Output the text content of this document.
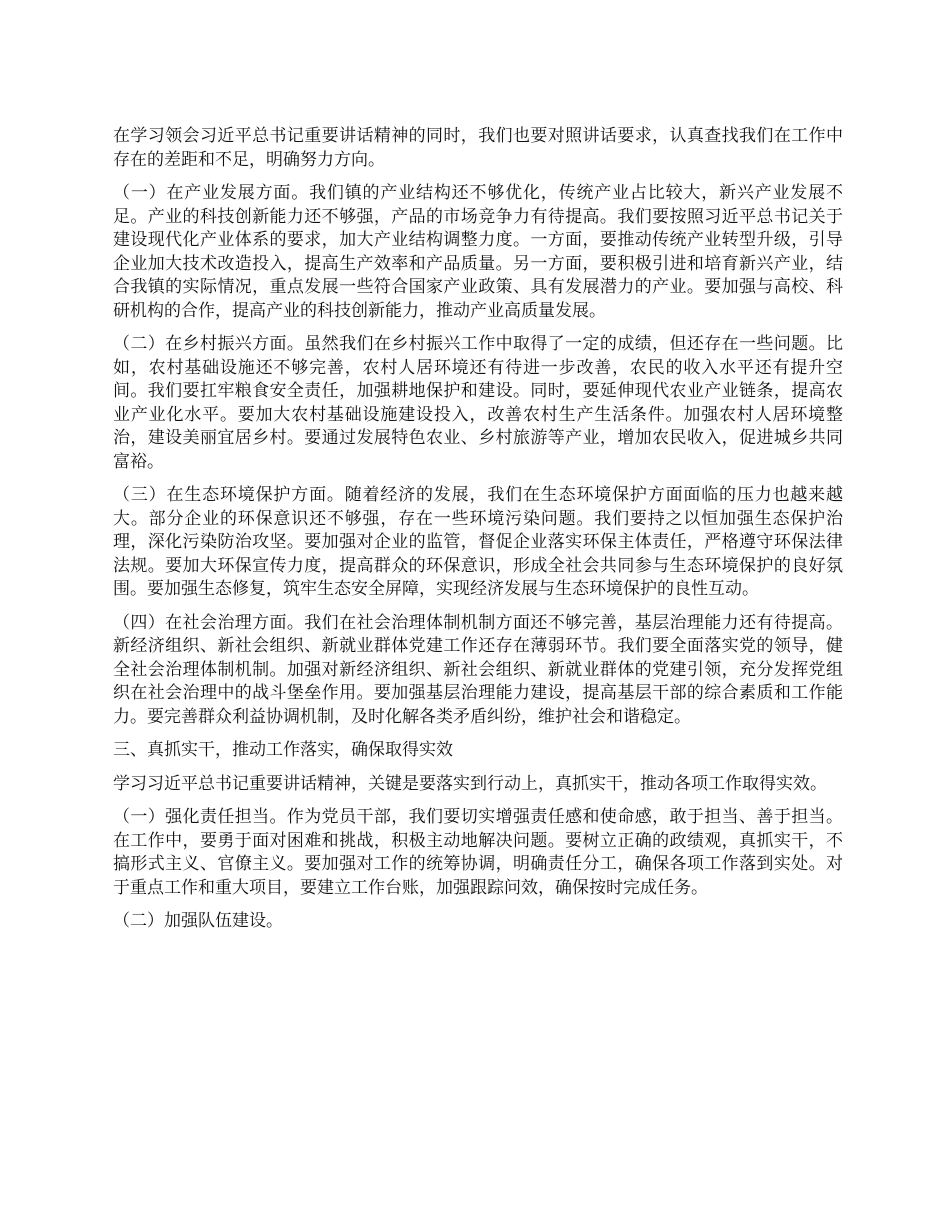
在学习领会习近平总书记重要讲话精神的同时，我们也要对照讲话要求，认真查找我们在工作中存在的差距和不足，明确努力方向。

（一）在产业发展方面。我们镇的产业结构还不够优化，传统产业占比较大，新兴产业发展不足。产业的科技创新能力还不够强，产品的市场竞争力有待提高。我们要按照习近平总书记关于建设现代化产业体系的要求，加大产业结构调整力度。一方面，要推动传统产业转型升级，引导企业加大技术改造投入，提高生产效率和产品质量。另一方面，要积极引进和培育新兴产业，结合我镇的实际情况，重点发展一些符合国家产业政策、具有发展潜力的产业。要加强与高校、科研机构的合作，提高产业的科技创新能力，推动产业高质量发展。

（二）在乡村振兴方面。虽然我们在乡村振兴工作中取得了一定的成绩，但还存在一些问题。比如，农村基础设施还不够完善，农村人居环境还有待进一步改善，农民的收入水平还有提升空间。我们要扛牢粮食安全责任，加强耕地保护和建设。同时，要延伸现代农业产业链条，提高农业产业化水平。要加大农村基础设施建设投入，改善农村生产生活条件。加强农村人居环境整治，建设美丽宜居乡村。要通过发展特色农业、乡村旅游等产业，增加农民收入，促进城乡共同富裕。

（三）在生态环境保护方面。随着经济的发展，我们在生态环境保护方面面临的压力也越来越大。部分企业的环保意识还不够强，存在一些环境污染问题。我们要持之以恒加强生态保护治理，深化污染防治攻坚。要加强对企业的监管，督促企业落实环保主体责任，严格遵守环保法律法规。要加大环保宣传力度，提高群众的环保意识，形成全社会共同参与生态环境保护的良好氛围。要加强生态修复，筑牢生态安全屏障，实现经济发展与生态环境保护的良性互动。

（四）在社会治理方面。我们在社会治理体制机制方面还不够完善，基层治理能力还有待提高。新经济组织、新社会组织、新就业群体党建工作还存在薄弱环节。我们要全面落实党的领导，健全社会治理体制机制。加强对新经济组织、新社会组织、新就业群体的党建引领，充分发挥党组织在社会治理中的战斗堡垒作用。要加强基层治理能力建设，提高基层干部的综合素质和工作能力。要完善群众利益协调机制，及时化解各类矛盾纠纷，维护社会和谐稳定。

三、真抓实干，推动工作落实，确保取得实效

学习习近平总书记重要讲话精神，关键是要落实到行动上，真抓实干，推动各项工作取得实效。

（一）强化责任担当。作为党员干部，我们要切实增强责任感和使命感，敢于担当、善于担当。在工作中，要勇于面对困难和挑战，积极主动地解决问题。要树立正确的政绩观，真抓实干，不搞形式主义、官僚主义。要加强对工作的统筹协调，明确责任分工，确保各项工作落到实处。对于重点工作和重大项目，要建立工作台账，加强跟踪问效，确保按时完成任务。

（二）加强队伍建设。
